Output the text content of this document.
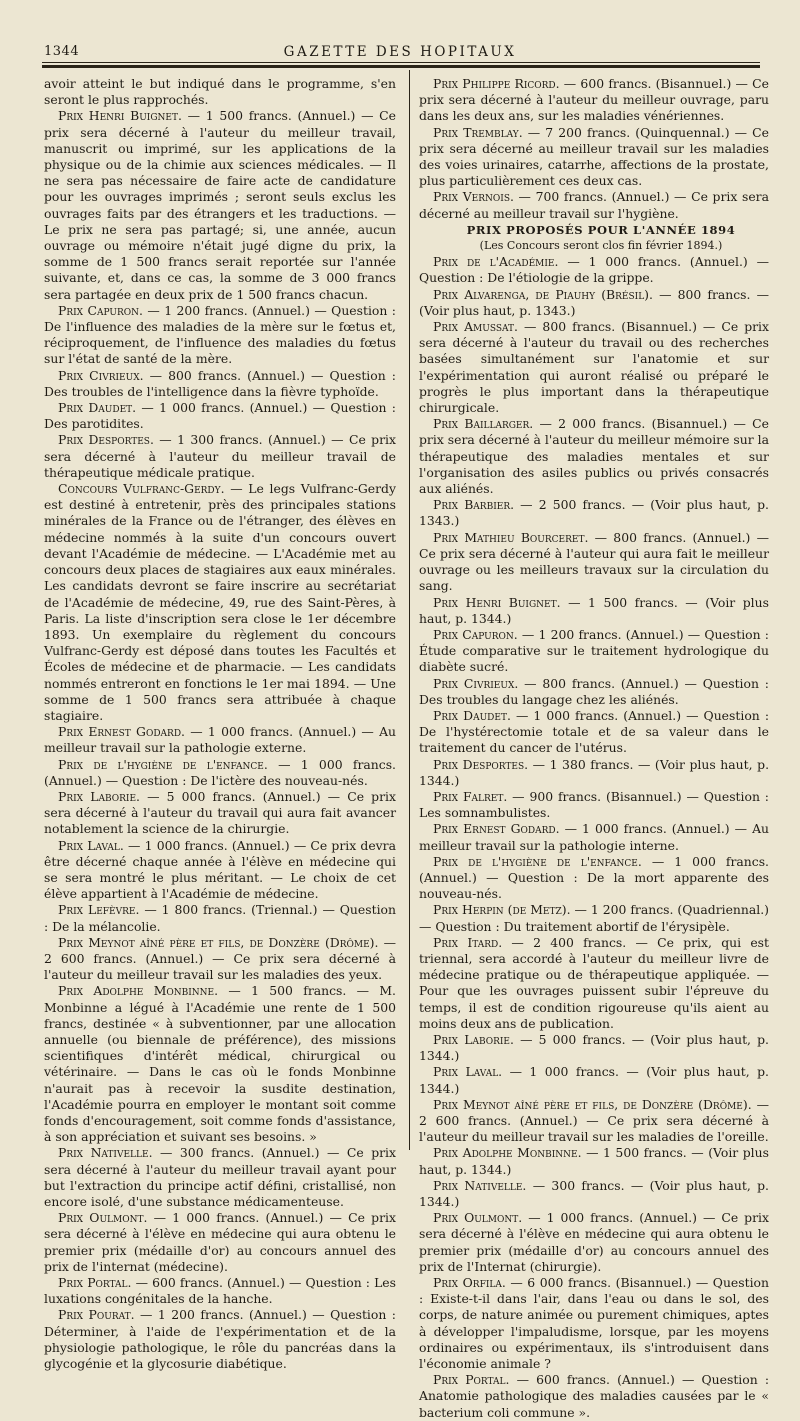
1344	GAZETTE DES HOPITAUX

avoir atteint le but indiqué dans le programme, s'en seront le plus rapprochés.

Prix Henri Buignet. — 1 500 francs. (Annuel.) — Ce prix sera décerné à l'auteur du meilleur travail, manuscrit ou imprimé, sur les applications de la physique ou de la chimie aux sciences médicales. — Il ne sera pas nécessaire de faire acte de candidature pour les ouvrages imprimés ; seront seuls exclus les ouvrages faits par des étrangers et les traductions. — Le prix ne sera pas partagé; si, une année, aucun ouvrage ou mémoire n'était jugé digne du prix, la somme de 1 500 francs serait reportée sur l'année suivante, et, dans ce cas, la somme de 3 000 francs sera partagée en deux prix de 1 500 francs chacun.

Prix Capuron. — 1 200 francs. (Annuel.) — Question : De l'influence des maladies de la mère sur le fœtus et, réciproquement, de l'influence des maladies du fœtus sur l'état de santé de la mère.

Prix Civrieux. — 800 francs. (Annuel.) — Question : Des troubles de l'intelligence dans la fièvre typhoïde.

Prix Daudet. — 1 000 francs. (Annuel.) — Question : Des parotidites.

Prix Desportes. — 1 300 francs. (Annuel.) — Ce prix sera décerné à l'auteur du meilleur travail de thérapeutique médicale pratique.

Concours Vulfranc-Gerdy. — Le legs Vulfranc-Gerdy est destiné à entretenir, près des principales stations minérales de la France ou de l'étranger, des élèves en médecine nommés à la suite d'un concours ouvert devant l'Académie de médecine. — L'Académie met au concours deux places de stagiaires aux eaux minérales. Les candidats devront se faire inscrire au secrétariat de l'Académie de médecine, 49, rue des Saint-Pères, à Paris. La liste d'inscription sera close le 1er décembre 1893. Un exemplaire du règlement du concours Vulfranc-Gerdy est déposé dans toutes les Facultés et Écoles de médecine et de pharmacie. — Les candidats nommés entreront en fonctions le 1er mai 1894. — Une somme de 1 500 francs sera attribuée à chaque stagiaire.

Prix Ernest Godard. — 1 000 francs. (Annuel.) — Au meilleur travail sur la pathologie externe.

Prix de l'hygiène de l'enfance. — 1 000 francs. (Annuel.) — Question : De l'ictère des nouveau-nés.

Prix Laborie. — 5 000 francs. (Annuel.) — Ce prix sera décerné à l'auteur du travail qui aura fait avancer notablement la science de la chirurgie.

Prix Laval. — 1 000 francs. (Annuel.) — Ce prix devra être décerné chaque année à l'élève en médecine qui se sera montré le plus méritant. — Le choix de cet élève appartient à l'Académie de médecine.

Prix Lefèvre. — 1 800 francs. (Triennal.) — Question : De la mélancolie.

Prix Meynot aîné père et fils, de Donzère (Drôme). — 2 600 francs. (Annuel.) — Ce prix sera décerné à l'auteur du meilleur travail sur les maladies des yeux.

Prix Adolphe Monbinne. — 1 500 francs. — M. Monbinne a légué à l'Académie une rente de 1 500 francs, destinée « à subventionner, par une allocation annuelle (ou biennale de préférence), des missions scientifiques d'intérêt médical, chirurgical ou vétérinaire. — Dans le cas où le fonds Monbinne n'aurait pas à recevoir la susdite destination, l'Académie pourra en employer le montant soit comme fonds d'encouragement, soit comme fonds d'assistance, à son appréciation et suivant ses besoins. »

Prix Nativelle. — 300 francs. (Annuel.) — Ce prix sera décerné à l'auteur du meilleur travail ayant pour but l'extraction du principe actif défini, cristallisé, non encore isolé, d'une substance médicamenteuse.

Prix Oulmont. — 1 000 francs. (Annuel.) — Ce prix sera décerné à l'élève en médecine qui aura obtenu le premier prix (médaille d'or) au concours annuel des prix de l'internat (médecine).

Prix Portal. — 600 francs. (Annuel.) — Question : Les luxations congénitales de la hanche.

Prix Pourat. — 1 200 francs. (Annuel.) — Question : Déterminer, à l'aide de l'expérimentation et de la physiologie pathologique, le rôle du pancréas dans la glycogénie et la glycosurie diabétique.

Prix Philippe Ricord. — 600 francs. (Bisannuel.) — Ce prix sera décerné à l'auteur du meilleur ouvrage, paru dans les deux ans, sur les maladies vénériennes.

Prix Tremblay. — 7 200 francs. (Quinquennal.) — Ce prix sera décerné au meilleur travail sur les maladies des voies urinaires, catarrhe, affections de la prostate, plus particulièrement ces deux cas.

Prix Vernois. — 700 francs. (Annuel.) — Ce prix sera décerné au meilleur travail sur l'hygiène.

PRIX PROPOSÉS POUR L'ANNÉE 1894

(Les Concours seront clos fin février 1894.)

Prix de l'Académie. — 1 000 francs. (Annuel.) — Question : De l'étiologie de la grippe.

Prix Alvarenga, de Piauhy (Brésil). — 800 francs. — (Voir plus haut, p. 1343.)

Prix Amussat. — 800 francs. (Bisannuel.) — Ce prix sera décerné à l'auteur du travail ou des recherches basées simultanément sur l'anatomie et sur l'expérimentation qui auront réalisé ou préparé le progrès le plus important dans la thérapeutique chirurgicale.

Prix Baillarger. — 2 000 francs. (Bisannuel.) — Ce prix sera décerné à l'auteur du meilleur mémoire sur la thérapeutique des maladies mentales et sur l'organisation des asiles publics ou privés consacrés aux aliénés.

Prix Barbier. — 2 500 francs. — (Voir plus haut, p. 1343.)

Prix Mathieu Bourceret. — 800 francs. (Annuel.) — Ce prix sera décerné à l'auteur qui aura fait le meilleur ouvrage ou les meilleurs travaux sur la circulation du sang.

Prix Henri Buignet. — 1 500 francs. — (Voir plus haut, p. 1344.)

Prix Capuron. — 1 200 francs. (Annuel.) — Question : Étude comparative sur le traitement hydrologique du diabète sucré.

Prix Civrieux. — 800 francs. (Annuel.) — Question : Des troubles du langage chez les aliénés.

Prix Daudet. — 1 000 francs. (Annuel.) — Question : De l'hystérectomie totale et de sa valeur dans le traitement du cancer de l'utérus.

Prix Desportes. — 1 380 francs. — (Voir plus haut, p. 1344.)

Prix Falret. — 900 francs. (Bisannuel.) — Question : Les somnambulistes.

Prix Ernest Godard. — 1 000 francs. (Annuel.) — Au meilleur travail sur la pathologie interne.

Prix de l'hygiène de l'enfance. — 1 000 francs. (Annuel.) — Question : De la mort apparente des nouveau-nés.

Prix Herpin (de Metz). — 1 200 francs. (Quadriennal.) — Question : Du traitement abortif de l'érysipèle.

Prix Itard. — 2 400 francs. — Ce prix, qui est triennal, sera accordé à l'auteur du meilleur livre de médecine pratique ou de thérapeutique appliquée. — Pour que les ouvrages puissent subir l'épreuve du temps, il est de condition rigoureuse qu'ils aient au moins deux ans de publication.

Prix Laborie. — 5 000 francs. — (Voir plus haut, p. 1344.)

Prix Laval. — 1 000 francs. — (Voir plus haut, p. 1344.)

Prix Meynot aîné père et fils, de Donzère (Drôme). — 2 600 francs. (Annuel.) — Ce prix sera décerné à l'auteur du meilleur travail sur les maladies de l'oreille.

Prix Adolphe Monbinne. — 1 500 francs. — (Voir plus haut, p. 1344.)

Prix Nativelle. — 300 francs. — (Voir plus haut, p. 1344.)

Prix Oulmont. — 1 000 francs. (Annuel.) — Ce prix sera décerné à l'élève en médecine qui aura obtenu le premier prix (médaille d'or) au concours annuel des prix de l'Internat (chirurgie).

Prix Orfila. — 6 000 francs. (Bisannuel.) — Question : Existe-t-il dans l'air, dans l'eau ou dans le sol, des corps, de nature animée ou purement chimiques, aptes à développer l'impaludisme, lorsque, par les moyens ordinaires ou expérimentaux, ils s'introduisent dans l'économie animale ?

Prix Portal. — 600 francs. (Annuel.) — Question : Anatomie pathologique des maladies causées par le « bacterium coli commune ».
